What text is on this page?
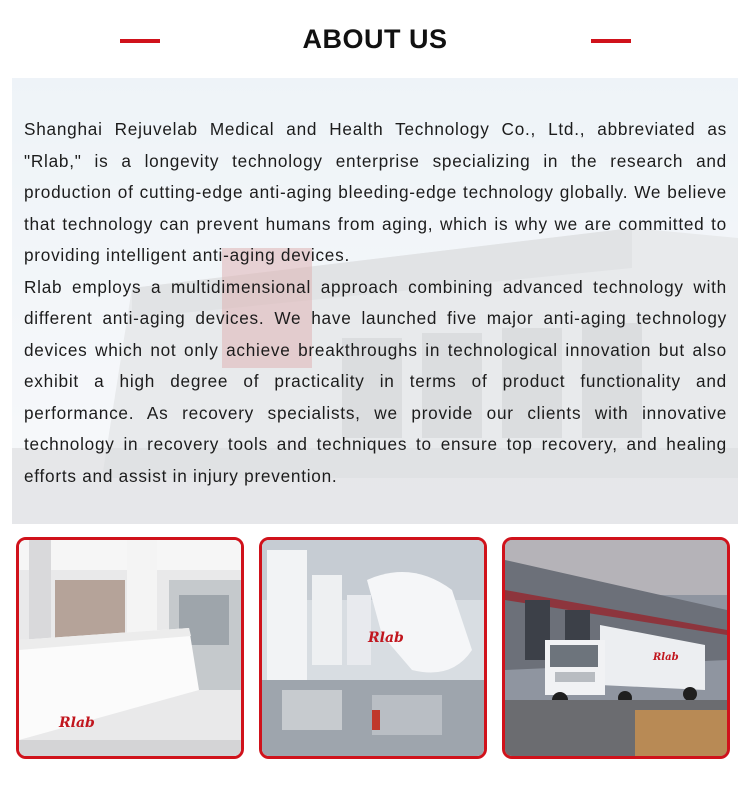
ABOUT US

Shanghai Rejuvelab Medical and Health Technology Co., Ltd., abbreviated as "Rlab," is a longevity technology enterprise specializing in the research and production of cutting-edge anti-aging bleeding-edge technology globally. We believe that technology can prevent humans from aging, which is why we are committed to providing intelligent anti-aging devices.

Rlab employs a multidimensional approach combining advanced technology with different anti-aging devices. We have launched five major anti-aging technology devices which not only achieve breakthroughs in technological innovation but also exhibit a high degree of practicality in terms of product functionality and performance. As recovery specialists, we provide our clients with innovative technology in recovery tools and techniques to ensure top recovery, and healing efforts and assist in injury prevention.

Rlab
Rlab
Rlab
